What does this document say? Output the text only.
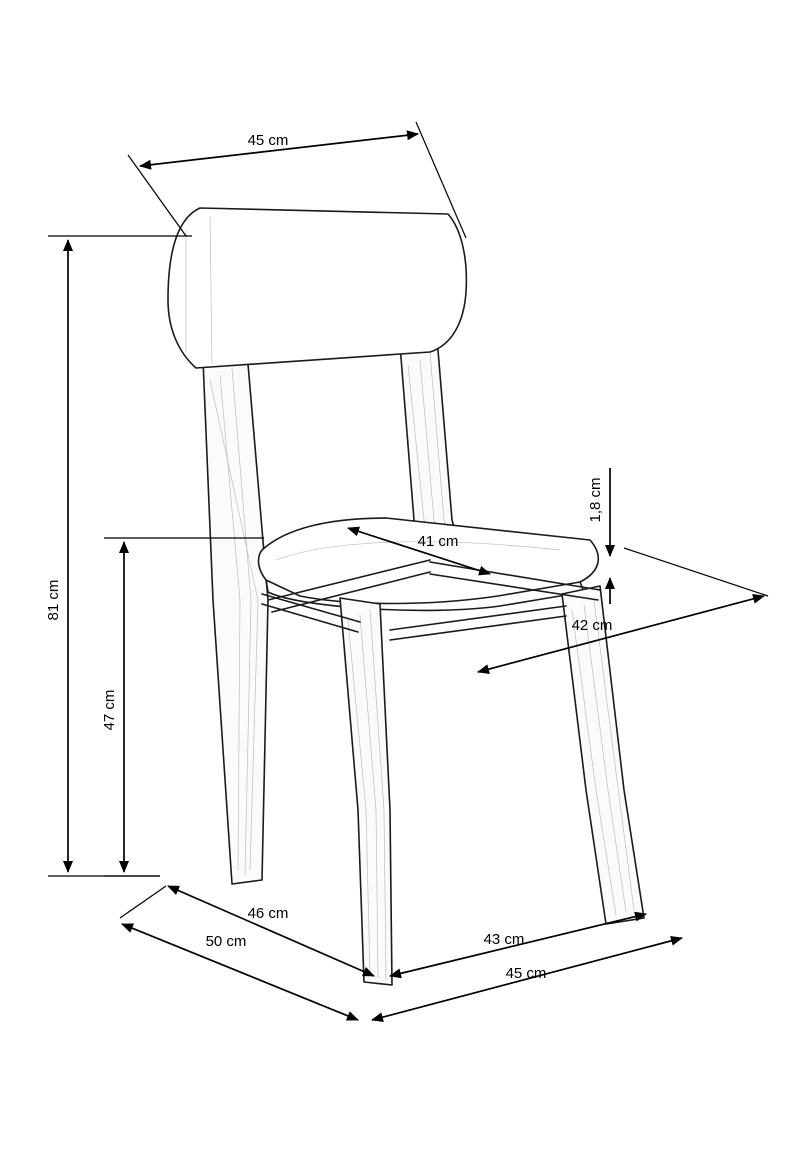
45 cm
81 cm
47 cm
1,8 cm
41 cm
42 cm
46 cm
50 cm	43 cm
45 cm
